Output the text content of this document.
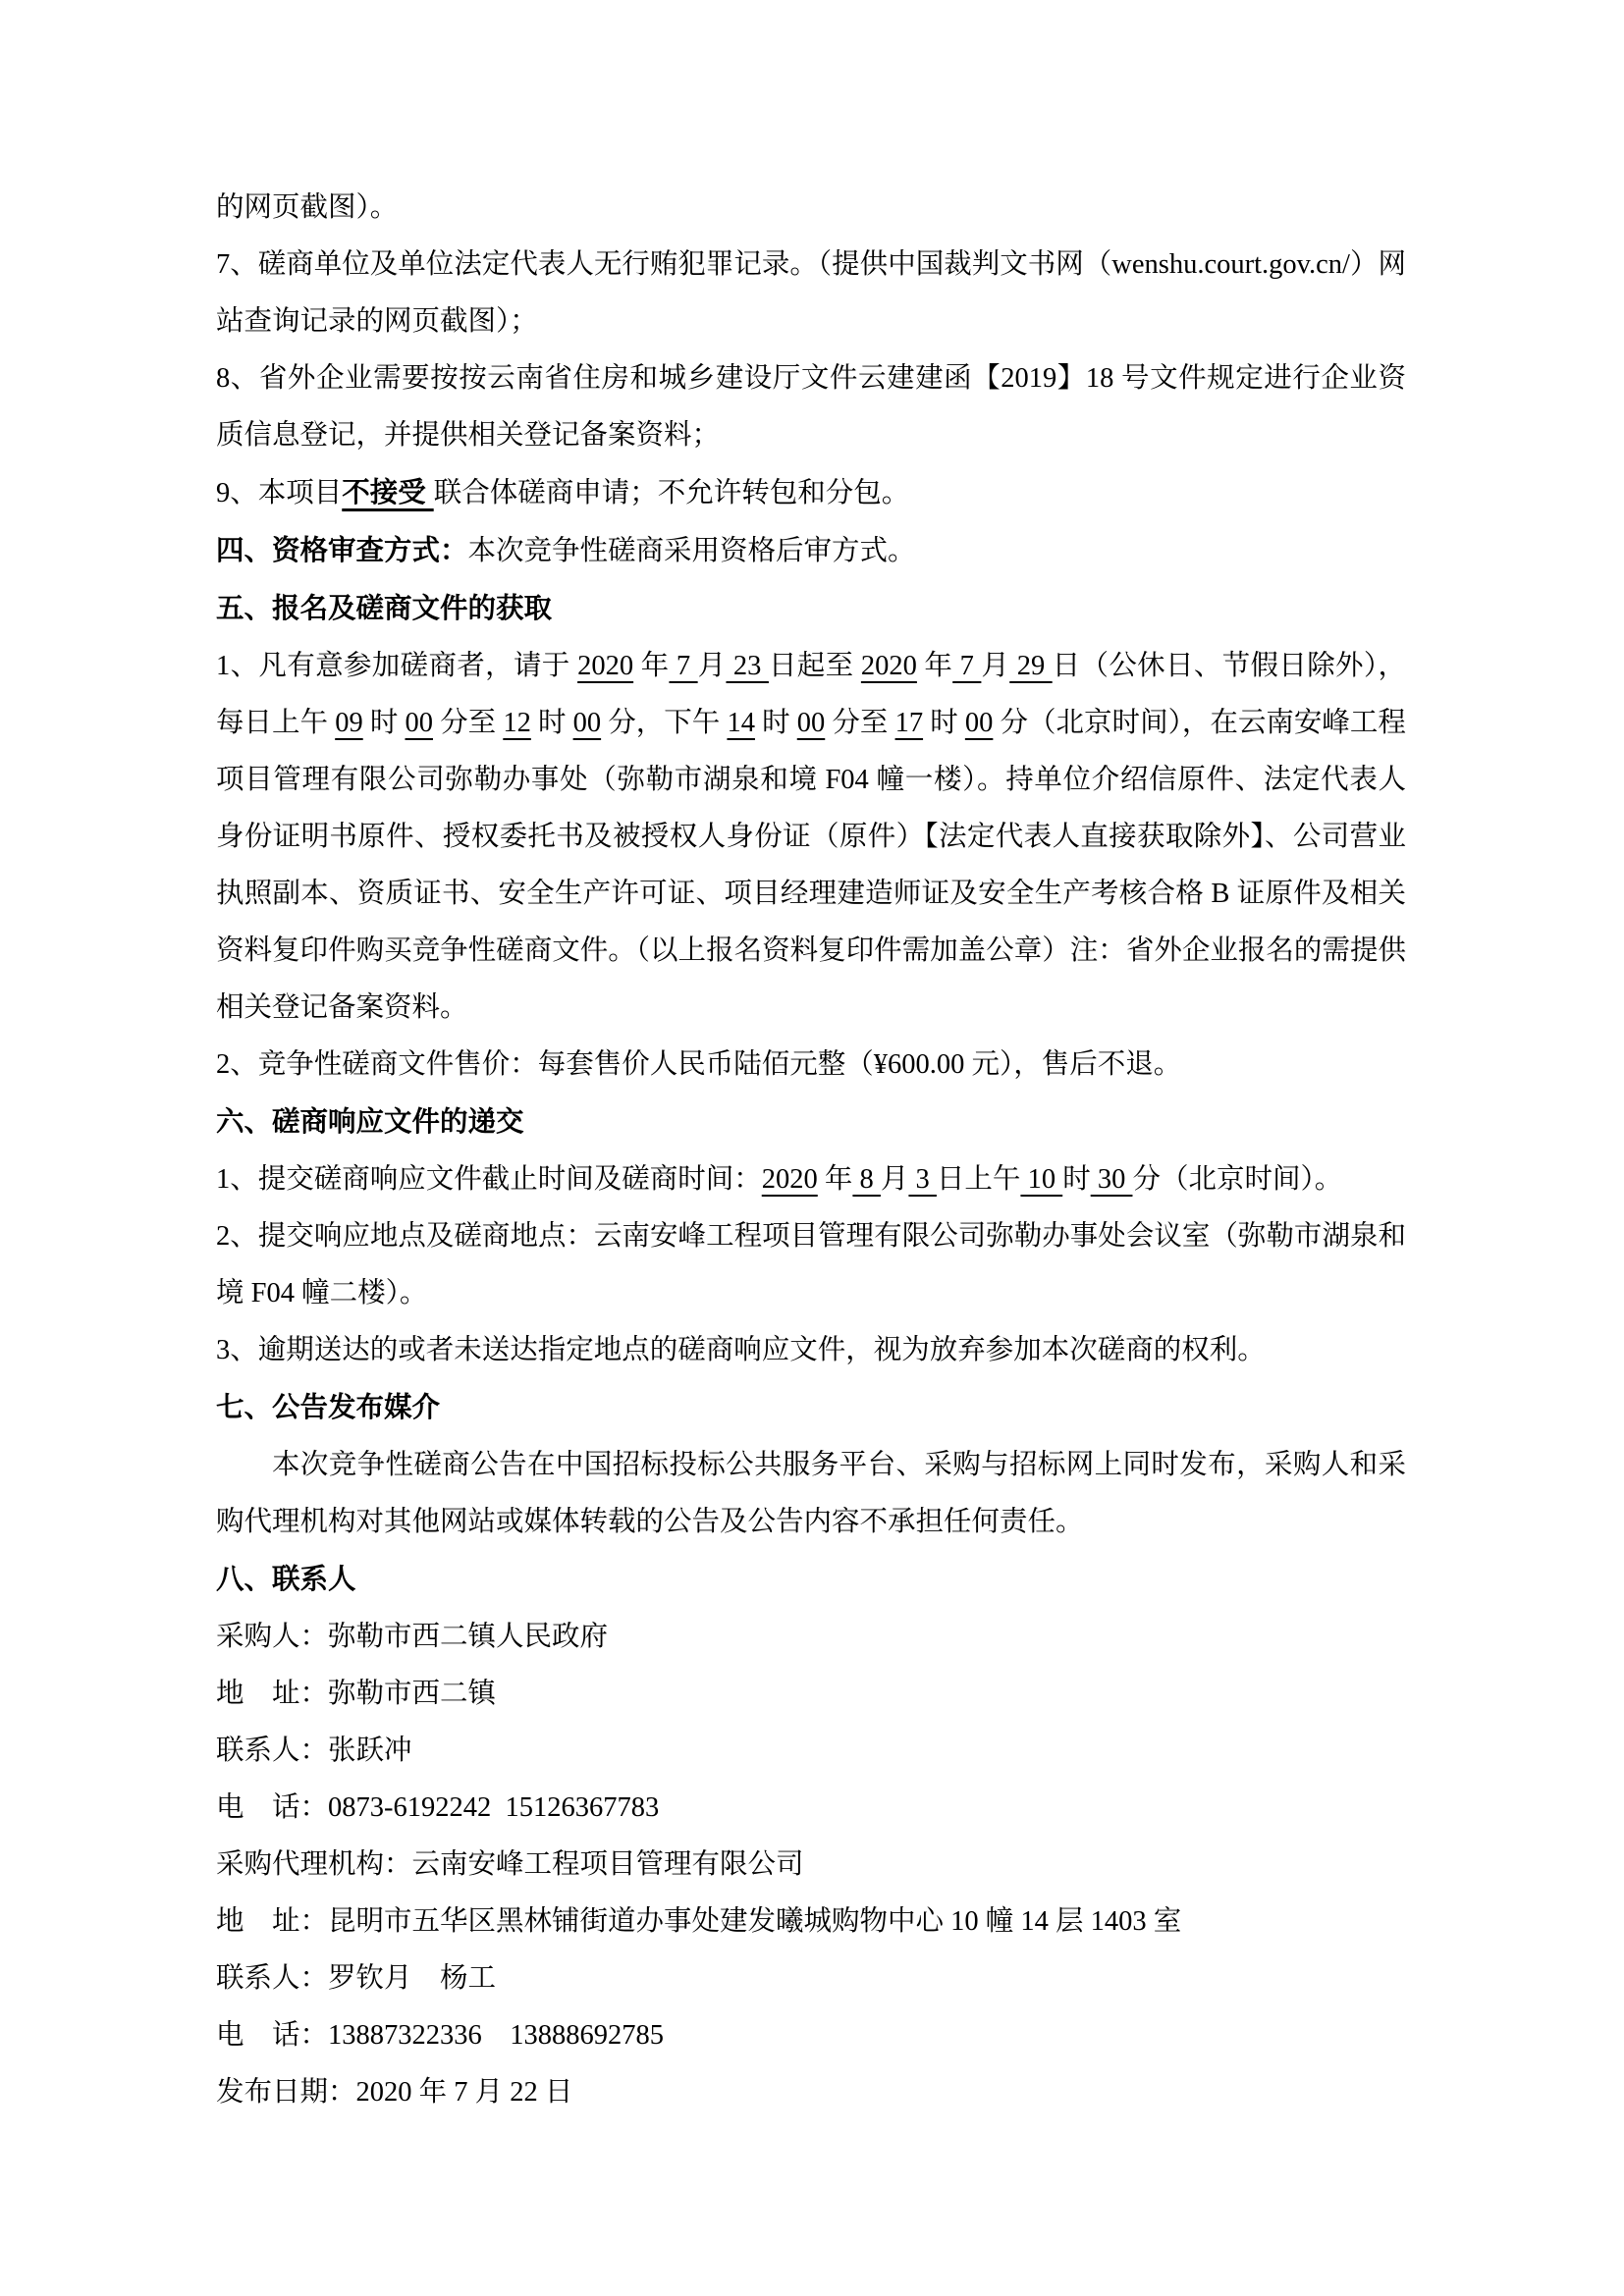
的网页截图）。

7、磋商单位及单位法定代表人无行贿犯罪记录。（提供中国裁判文书网（wenshu.court.gov.cn/）网站查询记录的网页截图）；

8、省外企业需要按按云南省住房和城乡建设厅文件云建建函【2019】18 号文件规定进行企业资质信息登记，并提供相关登记备案资料；

9、本项目不接受 联合体磋商申请；不允许转包和分包。

四、资格审查方式：本次竞争性磋商采用资格后审方式。

五、报名及磋商文件的获取

1、凡有意参加磋商者，请于 2020 年 7 月 23 日起至 2020 年 7 月 29 日（公休日、节假日除外），每日上午 09 时 00 分至 12 时 00 分，下午 14 时 00 分至 17 时 00 分（北京时间），在云南安峰工程项目管理有限公司弥勒办事处（弥勒市湖泉和境 F04 幢一楼）。持单位介绍信原件、法定代表人身份证明书原件、授权委托书及被授权人身份证（原件）【法定代表人直接获取除外】、公司营业执照副本、资质证书、安全生产许可证、项目经理建造师证及安全生产考核合格 B 证原件及相关资料复印件购买竞争性磋商文件。（以上报名资料复印件需加盖公章）注：省外企业报名的需提供相关登记备案资料。

2、竞争性磋商文件售价：每套售价人民币陆佰元整（¥600.00 元），售后不退。

六、磋商响应文件的递交

1、提交磋商响应文件截止时间及磋商时间：2020 年 8 月 3 日上午 10 时 30 分（北京时间）。

2、提交响应地点及磋商地点：云南安峰工程项目管理有限公司弥勒办事处会议室（弥勒市湖泉和境 F04 幢二楼）。

3、逾期送达的或者未送达指定地点的磋商响应文件，视为放弃参加本次磋商的权利。

七、公告发布媒介

本次竞争性磋商公告在中国招标投标公共服务平台、采购与招标网上同时发布，采购人和采购代理机构对其他网站或媒体转载的公告及公告内容不承担任何责任。

八、联系人

采购人：弥勒市西二镇人民政府

地　址：弥勒市西二镇

联系人：张跃冲

电　话：0873-6192242  15126367783

采购代理机构：云南安峰工程项目管理有限公司

地　址：昆明市五华区黑林铺街道办事处建发曦城购物中心 10 幢 14 层 1403 室

联系人：罗钦月　杨工

电　话：13887322336    13888692785

发布日期：2020 年 7 月 22 日
